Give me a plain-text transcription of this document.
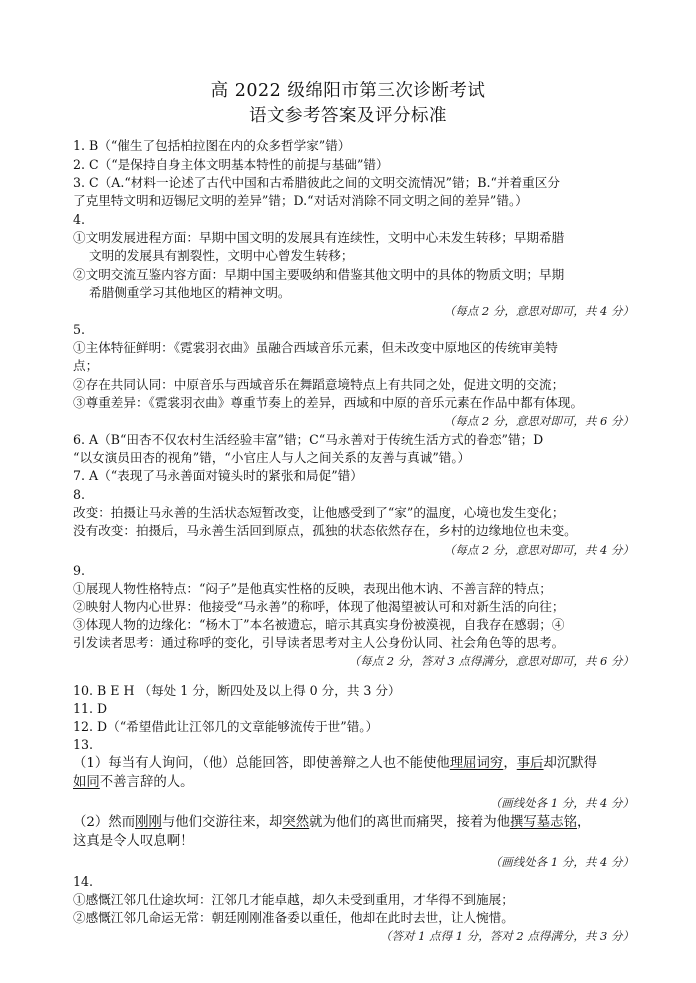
高 2022 级绵阳市第三次诊断考试
语文参考答案及评分标准
1. B（“催生了包括柏拉图在内的众多哲学家”错）
2. C（“是保持自身主体文明基本特性的前提与基础”错）
3. C（A.“材料一论述了古代中国和古希腊彼此之间的文明交流情况”错；B.“并着重区分
了克里特文明和迈锡尼文明的差异”错；D.“对话对消除不同文明之间的差异”错。）
4.
①文明发展进程方面：早期中国文明的发展具有连续性，文明中心未发生转移；早期希腊
文明的发展具有割裂性，文明中心曾发生转移；
②文明交流互鉴内容方面：早期中国主要吸纳和借鉴其他文明中的具体的物质文明；早期
希腊侧重学习其他地区的精神文明。
（每点 2 分，意思对即可，共 4 分）
5.
①主体特征鲜明：《霓裳羽衣曲》虽融合西域音乐元素，但未改变中原地区的传统审美特
点；
②存在共同认同：中原音乐与西域音乐在舞蹈意境特点上有共同之处，促进文明的交流；
③尊重差异：《霓裳羽衣曲》尊重节奏上的差异，西域和中原的音乐元素在作品中都有体现。
（每点 2 分，意思对即可，共 6 分）
6. A（B“田杏不仅农村生活经验丰富”错；C“马永善对于传统生活方式的眷恋”错；D
“以女演员田杏的视角”错，“小官庄人与人之间关系的友善与真诚”错。）
7. A（“表现了马永善面对镜头时的紧张和局促”错）
8.
改变：拍摄让马永善的生活状态短暂改变，让他感受到了“家”的温度，心境也发生变化；
没有改变：拍摄后，马永善生活回到原点，孤独的状态依然存在，乡村的边缘地位也未变。
（每点 2 分，意思对即可，共 4 分）
9.
①展现人物性格特点：“闷子”是他真实性格的反映，表现出他木讷、不善言辞的特点；
②映射人物内心世界：他接受“马永善”的称呼，体现了他渴望被认可和对新生活的向往；
③体现人物的边缘化：“杨木丁”本名被遗忘，暗示其真实身份被漠视，自我存在感弱；④
引发读者思考：通过称呼的变化，引导读者思考对主人公身份认同、社会角色等的思考。
（每点 2 分，答对 3 点得满分，意思对即可，共 6 分）
10. B E H （每处 1 分，断四处及以上得 0 分，共 3 分）
11. D
12. D（“希望借此让江邻几的文章能够流传于世”错。）
13.
（1）每当有人询问，（他）总能回答，即使善辩之人也不能使他理屈词穷，事后却沉默得
如同不善言辞的人。
（画线处各 1 分，共 4 分）
（2）然而刚刚与他们交游往来，却突然就为他们的离世而痛哭，接着为他撰写墓志铭，
这真是令人叹息啊！
（画线处各 1 分，共 4 分）
14.
①感慨江邻几仕途坎坷：江邻几才能卓越，却久未受到重用，才华得不到施展；
②感慨江邻几命运无常：朝廷刚刚准备委以重任，他却在此时去世，让人惋惜。
（答对 1 点得 1 分，答对 2 点得满分，共 3 分）
